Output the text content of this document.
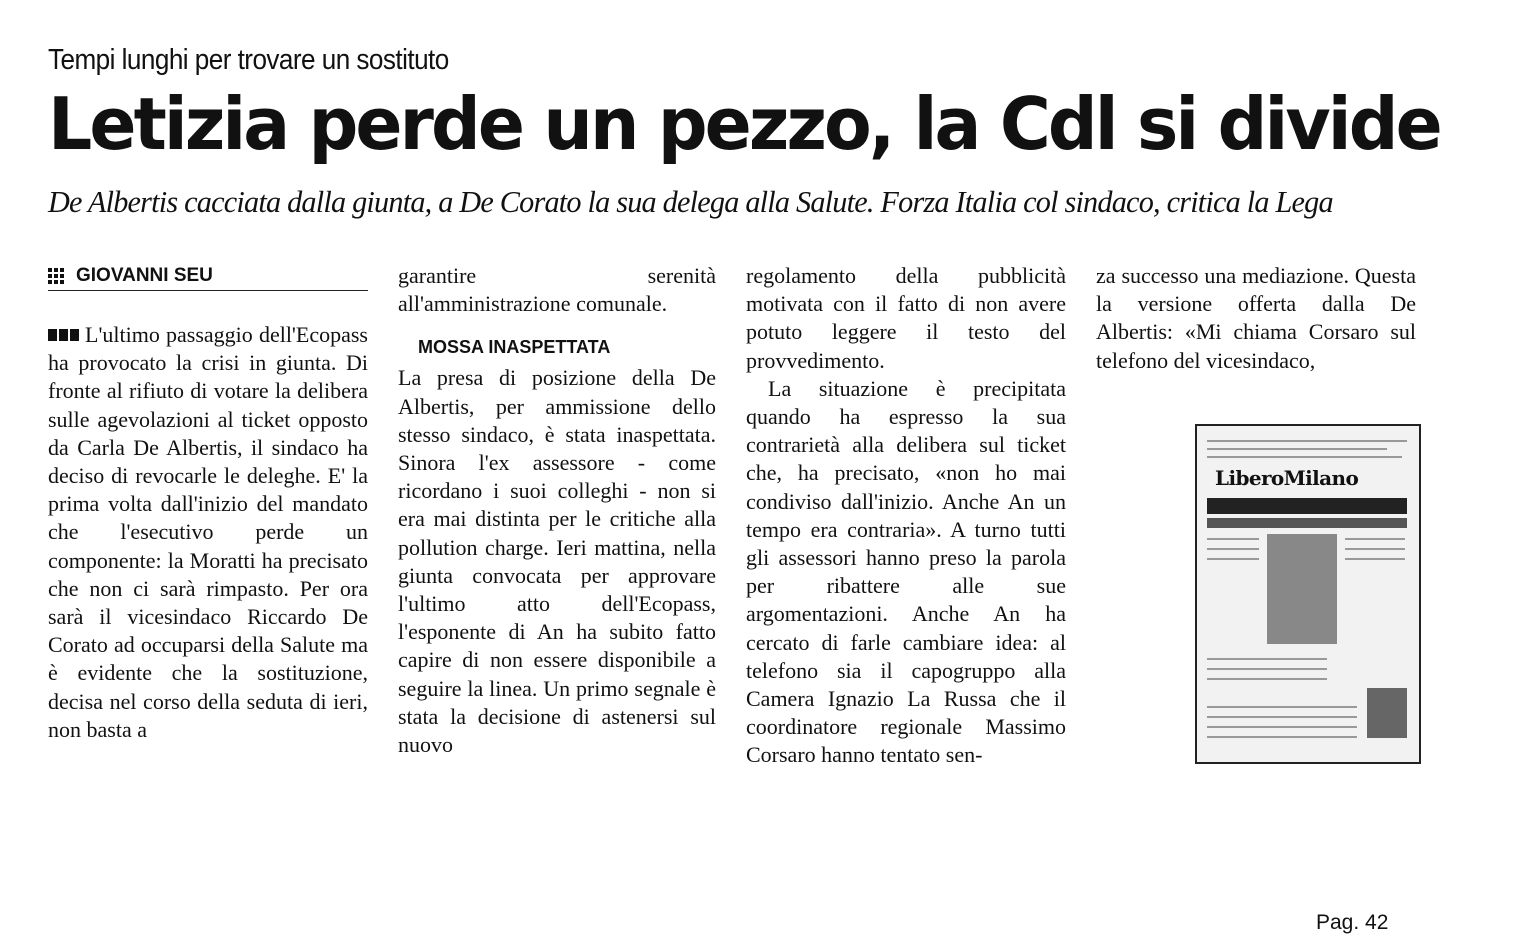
Tempi lunghi per trovare un sostituto
Letizia perde un pezzo, la Cdl si divide
De Albertis cacciata dalla giunta, a De Corato la sua delega alla Salute. Forza Italia col sindaco, critica la Lega
GIOVANNI SEU

L'ultimo passaggio dell'Ecopass ha provocato la crisi in giunta. Di fronte al rifiuto di votare la delibera sulle agevolazioni al ticket opposto da Carla De Albertis, il sindaco ha deciso di revocarle le deleghe. E' la prima volta dall'inizio del mandato che l'esecutivo perde un componente: la Moratti ha precisato che non ci sarà rimpasto. Per ora sarà il vicesindaco Riccardo De Corato ad occuparsi della Salute ma è evidente che la sostituzione, decisa nel corso della seduta di ieri, non basta a

garantire serenità all'amministrazione comunale.

MOSSA INASPETTATA

La presa di posizione della De Albertis, per ammissione dello stesso sindaco, è stata inaspettata. Sinora l'ex assessore - come ricordano i suoi colleghi - non si era mai distinta per le critiche alla pollution charge. Ieri mattina, nella giunta convocata per approvare l'ultimo atto dell'Ecopass, l'esponente di An ha subito fatto capire di non essere disponibile a seguire la linea. Un primo segnale è stata la decisione di astenersi sul nuovo

regolamento della pubblicità motivata con il fatto di non avere potuto leggere il testo del provvedimento.

La situazione è precipitata quando ha espresso la sua contrarietà alla delibera sul ticket che, ha precisato, «non ho mai condiviso dall'inizio. Anche An un tempo era contraria». A turno tutti gli assessori hanno preso la parola per ribattere alle sue argomentazioni. Anche An ha cercato di farle cambiare idea: al telefono sia il capogruppo alla Camera Ignazio La Russa che il coordinatore regionale Massimo Corsaro hanno tentato sen-

za successo una mediazione. Questa la versione offerta dalla De Albertis: «Mi chiama Corsaro sul telefono del vicesindaco,

LiberoMilano
Pag. 42
